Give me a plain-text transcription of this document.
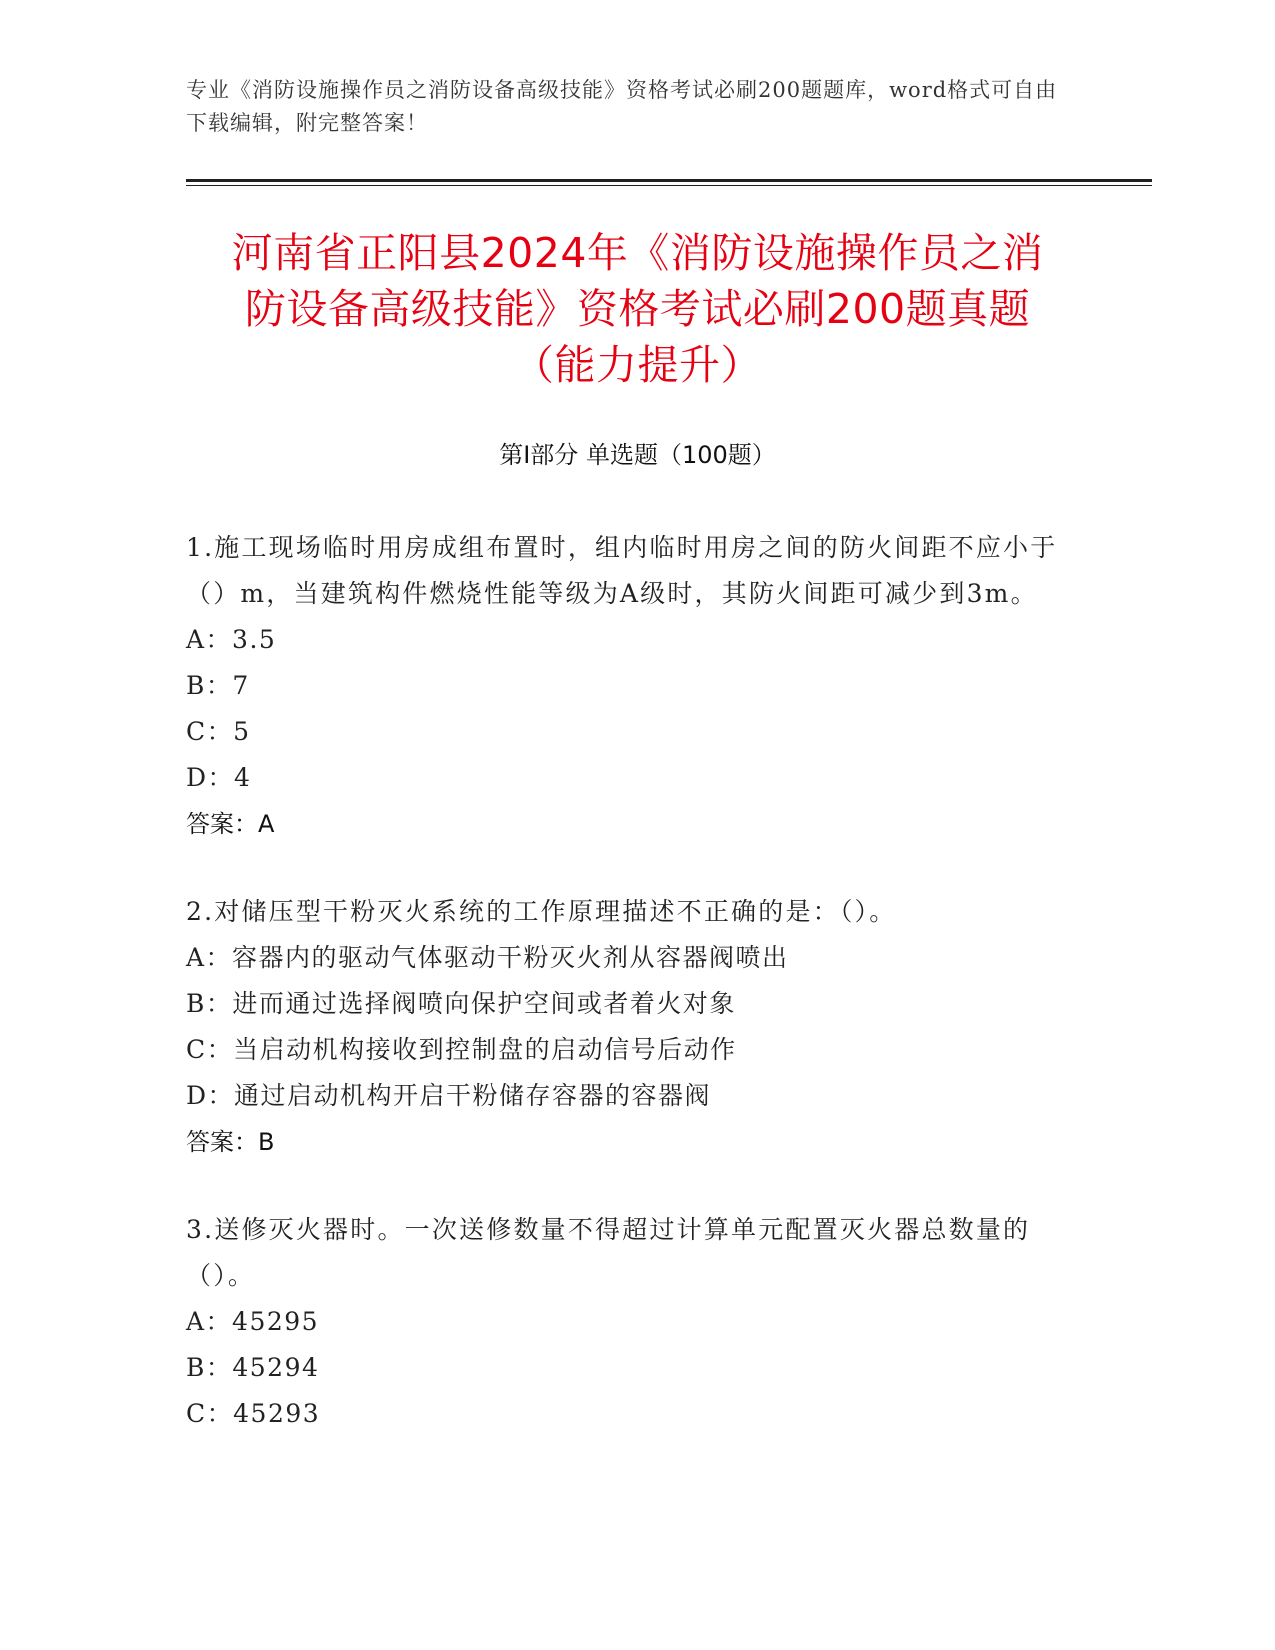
专业《消防设施操作员之消防设备高级技能》资格考试必刷200题题库，word格式可自由下载编辑，附完整答案！
河南省正阳县2024年《消防设施操作员之消
防设备高级技能》资格考试必刷200题真题
（能力提升）
第I部分 单选题（100题）
1.施工现场临时用房成组布置时，组内临时用房之间的防火间距不应小于（）m，当建筑构件燃烧性能等级为A级时，其防火间距可减少到3m。
A：3.5
B：7
C：5
D：4
答案：A
2.对储压型干粉灭火系统的工作原理描述不正确的是：（）。
A：容器内的驱动气体驱动干粉灭火剂从容器阀喷出
B：进而通过选择阀喷向保护空间或者着火对象
C：当启动机构接收到控制盘的启动信号后动作
D：通过启动机构开启干粉储存容器的容器阀
答案：B
3.送修灭火器时。一次送修数量不得超过计算单元配置灭火器总数量的（）。
A：45295
B：45294
C：45293
